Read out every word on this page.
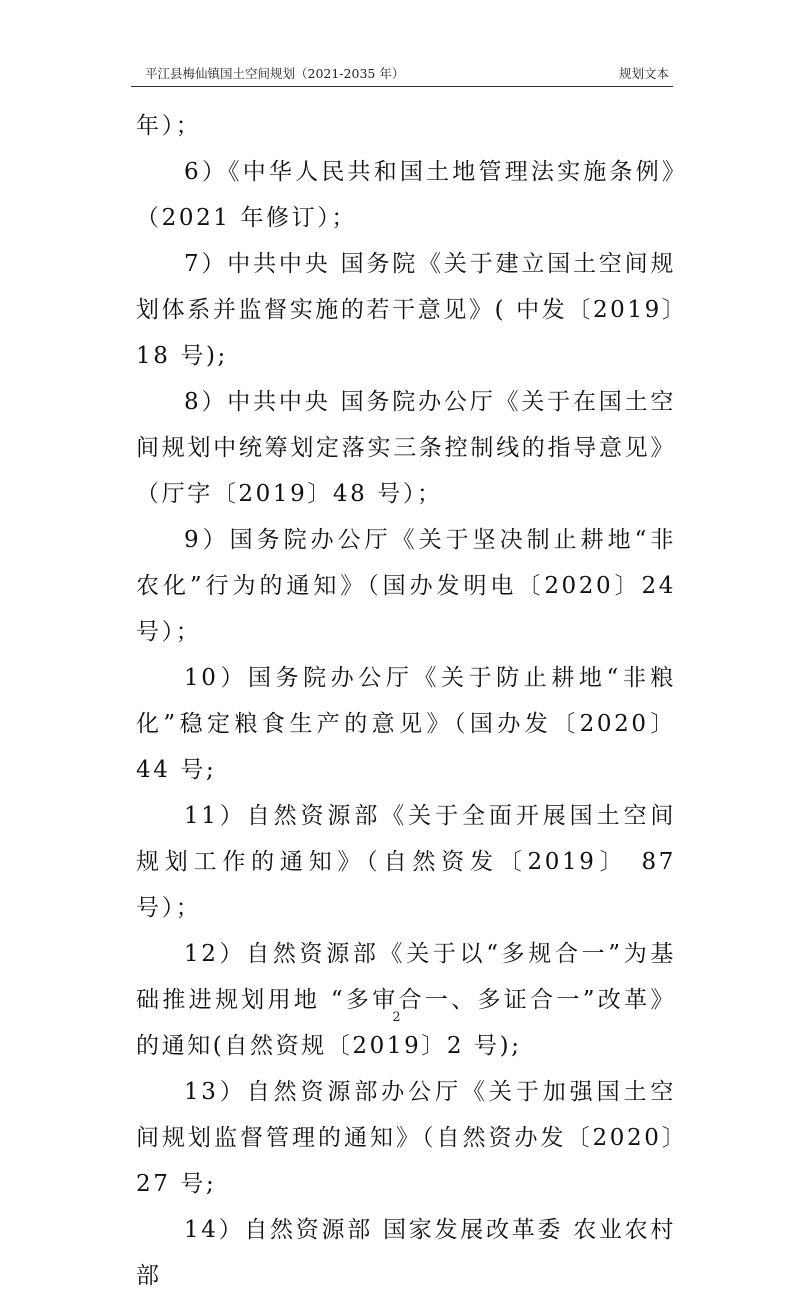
平江县梅仙镇国土空间规划（2021-2035 年）	规划文本

年）；

6）《中华人民共和国土地管理法实施条例》（2021 年修订）；

7）中共中央 国务院《关于建立国土空间规划体系并监督实施的若干意见》( 中发〔2019〕18 号);

8）中共中央 国务院办公厅《关于在国土空间规划中统筹划定落实三条控制线的指导意见》（厅字〔2019〕48 号）；

9）国务院办公厅《关于坚决制止耕地“非农化”行为的通知》（国办发明电〔2020〕24 号）；

10）国务院办公厅《关于防止耕地“非粮化”稳定粮食生产的意见》（国办发〔2020〕44 号;

11）自然资源部《关于全面开展国土空间规划工作的通知》（自然资发〔2019〕 87 号）；

12）自然资源部《关于以“多规合一”为基础推进规划用地 “多审合一、多证合一”改革》的通知(自然资规〔2019〕2 号);

13）自然资源部办公厅《关于加强国土空间规划监督管理的通知》（自然资办发〔2020〕27 号;

14）自然资源部 国家发展改革委 农业农村部

2
